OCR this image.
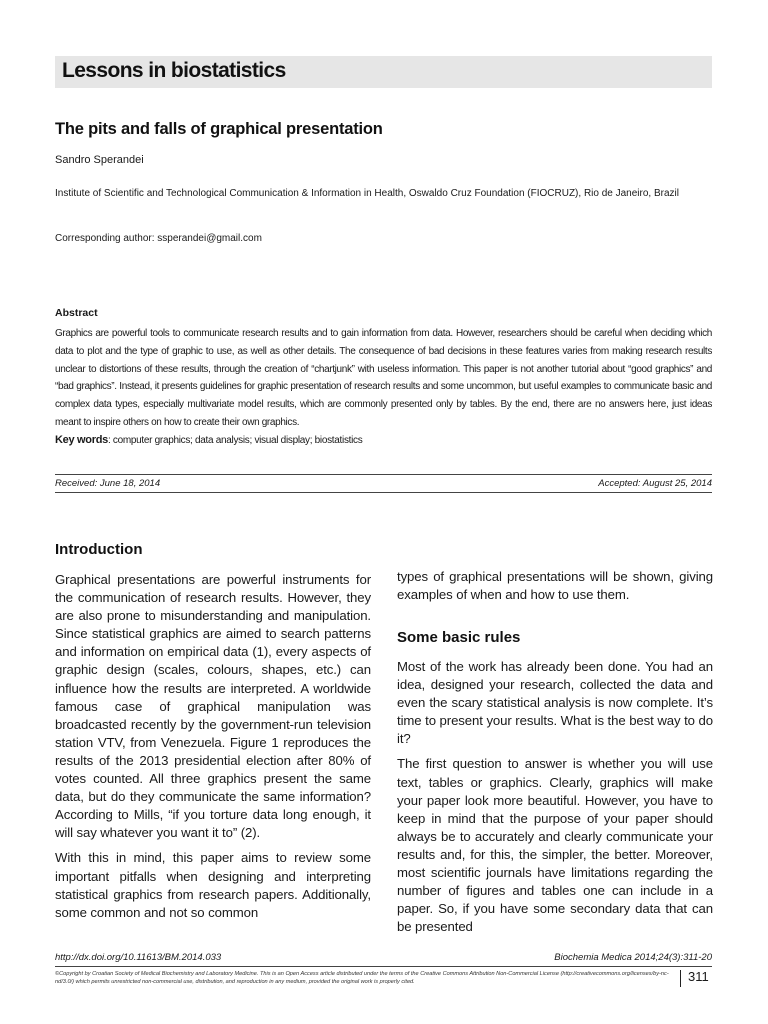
Lessons in biostatistics
The pits and falls of graphical presentation
Sandro Sperandei
Institute of Scientific and Technological Communication & Information in Health, Oswaldo Cruz Foundation (FIOCRUZ), Rio de Janeiro, Brazil
Corresponding author: ssperandei@gmail.com
Abstract
Graphics are powerful tools to communicate research results and to gain information from data. However, researchers should be careful when deciding which data to plot and the type of graphic to use, as well as other details. The consequence of bad decisions in these features varies from making research results unclear to distortions of these results, through the creation of “chartjunk” with useless information. This paper is not another tutorial about “good graphics” and “bad graphics”. Instead, it presents guidelines for graphic presentation of research results and some uncommon, but useful examples to communicate basic and complex data types, especially multivariate model results, which are commonly presented only by tables. By the end, there are no answers here, just ideas meant to inspire others on how to create their own graphics.
Key words: computer graphics; data analysis; visual display; biostatistics
Received: June 18, 2014	Accepted: August 25, 2014
Introduction

Graphical presentations are powerful instruments for the communication of research results. However, they are also prone to misunderstanding and manipulation. Since statistical graphics are aimed to search patterns and information on empirical data (1), every aspects of graphic design (scales, colours, shapes, etc.) can influence how the results are interpreted. A worldwide famous case of graphical manipulation was broadcasted recently by the government-run television station VTV, from Venezuela. Figure 1 reproduces the results of the 2013 presidential election after 80% of votes counted. All three graphics present the same data, but do they communicate the same information? According to Mills, “if you torture data long enough, it will say whatever you want it to” (2).

With this in mind, this paper aims to review some important pitfalls when designing and interpreting statistical graphics from research papers. Additionally, some common and not so common

types of graphical presentations will be shown, giving examples of when and how to use them.

Some basic rules

Most of the work has already been done. You had an idea, designed your research, collected the data and even the scary statistical analysis is now complete. It’s time to present your results. What is the best way to do it?

The first question to answer is whether you will use text, tables or graphics. Clearly, graphics will make your paper look more beautiful. However, you have to keep in mind that the purpose of your paper should always be to accurately and clearly communicate your results and, for this, the simpler, the better. Moreover, most scientific journals have limitations regarding the number of figures and tables one can include in a paper. So, if you have some secondary data that can be presented

http://dx.doi.org/10.11613/BM.2014.033	Biochemia Medica 2014;24(3):311-20
©Copyright by Croatian Society of Medical Biochemistry and Laboratory Medicine. This is an Open Access article distributed under the terms of the Creative Commons Attribution Non-Commercial License (http://creativecommons.org/licenses/by-nc-nd/3.0/) which permits unrestricted non-commercial use, distribution, and reproduction in any medium, provided the original work is properly cited.	311
